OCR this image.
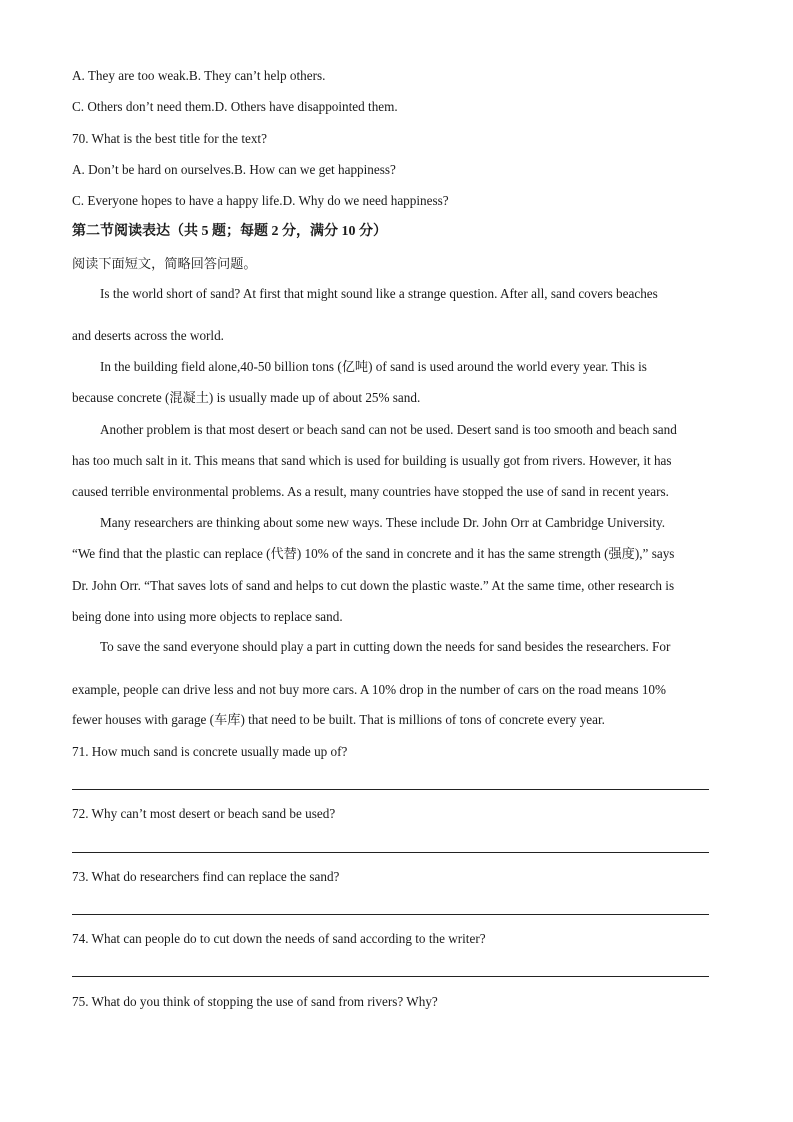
A. They are too weak.B. They can’t help others.
C. Others don’t need them.D. Others have disappointed them.
70. What is the best title for the text?
A. Don’t be hard on ourselves.B. How can we get happiness?
C. Everyone hopes to have a happy life.D. Why do we need happiness?
第二节阅读表达（共 5 题；每题 2 分，满分 10 分）
阅读下面短文，简略回答问题。
Is the world short of sand? At first that might sound like a strange question. After all, sand covers beaches
and deserts across the world.
In the building field alone,40-50 billion tons (亿吨) of sand is used around the world every year. This is
because concrete (混凝土) is usually made up of about 25% sand.
Another problem is that most desert or beach sand can not be used. Desert sand is too smooth and beach sand
has too much salt in it. This means that sand which is used for building is usually got from rivers. However, it has
caused terrible environmental problems. As a result, many countries have stopped the use of sand in recent years.
Many researchers are thinking about some new ways. These include Dr. John Orr at Cambridge University.
“We find that the plastic can replace (代替) 10% of the sand in concrete and it has the same strength (强度),” says
Dr. John Orr. “That saves lots of sand and helps to cut down the plastic waste.” At the same time, other research is
being done into using more objects to replace sand.
To save the sand everyone should play a part in cutting down the needs for sand besides the researchers. For
example, people can drive less and not buy more cars. A 10% drop in the number of cars on the road means 10%
fewer houses with garage (车库) that need to be built. That is millions of tons of concrete every year.
71. How much sand is concrete usually made up of?
72. Why can’t most desert or beach sand be used?
73. What do researchers find can replace the sand?
74. What can people do to cut down the needs of sand according to the writer?
75. What do you think of stopping the use of sand from rivers? Why?
